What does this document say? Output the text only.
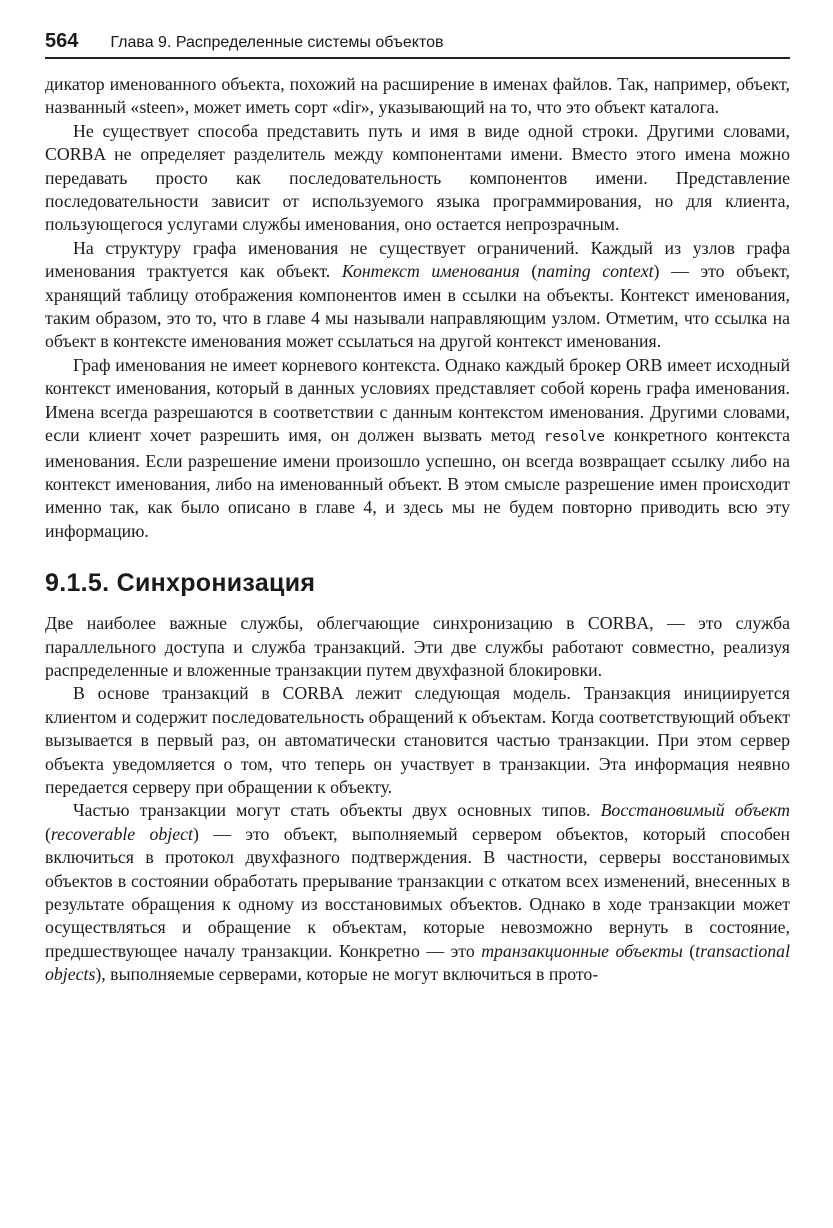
564 Глава 9. Распределенные системы объектов

дикатор именованного объекта, похожий на расширение в именах файлов. Так, например, объект, названный «steen», может иметь сорт «dir», указывающий на то, что это объект каталога.

Не существует способа представить путь и имя в виде одной строки. Другими словами, CORBA не определяет разделитель между компонентами имени. Вместо этого имена можно передавать просто как последовательность компонентов имени. Представление последовательности зависит от используемого языка программирования, но для клиента, пользующегося услугами службы именования, оно остается непрозрачным.

На структуру графа именования не существует ограничений. Каждый из узлов графа именования трактуется как объект. Контекст именования (naming context) — это объект, хранящий таблицу отображения компонентов имен в ссылки на объекты. Контекст именования, таким образом, это то, что в главе 4 мы называли направляющим узлом. Отметим, что ссылка на объект в контексте именования может ссылаться на другой контекст именования.

Граф именования не имеет корневого контекста. Однако каждый брокер ORB имеет исходный контекст именования, который в данных условиях представляет собой корень графа именования. Имена всегда разрешаются в соответствии с данным контекстом именования. Другими словами, если клиент хочет разрешить имя, он должен вызвать метод resolve конкретного контекста именования. Если разрешение имени произошло успешно, он всегда возвращает ссылку либо на контекст именования, либо на именованный объект. В этом смысле разрешение имен происходит именно так, как было описано в главе 4, и здесь мы не будем повторно приводить всю эту информацию.

9.1.5. Синхронизация

Две наиболее важные службы, облегчающие синхронизацию в CORBA, — это служба параллельного доступа и служба транзакций. Эти две службы работают совместно, реализуя распределенные и вложенные транзакции путем двухфазной блокировки.

В основе транзакций в CORBA лежит следующая модель. Транзакция инициируется клиентом и содержит последовательность обращений к объектам. Когда соответствующий объект вызывается в первый раз, он автоматически становится частью транзакции. При этом сервер объекта уведомляется о том, что теперь он участвует в транзакции. Эта информация неявно передается серверу при обращении к объекту.

Частью транзакции могут стать объекты двух основных типов. Восстановимый объект (recoverable object) — это объект, выполняемый сервером объектов, который способен включиться в протокол двухфазного подтверждения. В частности, серверы восстановимых объектов в состоянии обработать прерывание транзакции с откатом всех изменений, внесенных в результате обращения к одному из восстановимых объектов. Однако в ходе транзакции может осуществляться и обращение к объектам, которые невозможно вернуть в состояние, предшествующее началу транзакции. Конкретно — это транзакционные объекты (transactional objects), выполняемые серверами, которые не могут включиться в прото-
